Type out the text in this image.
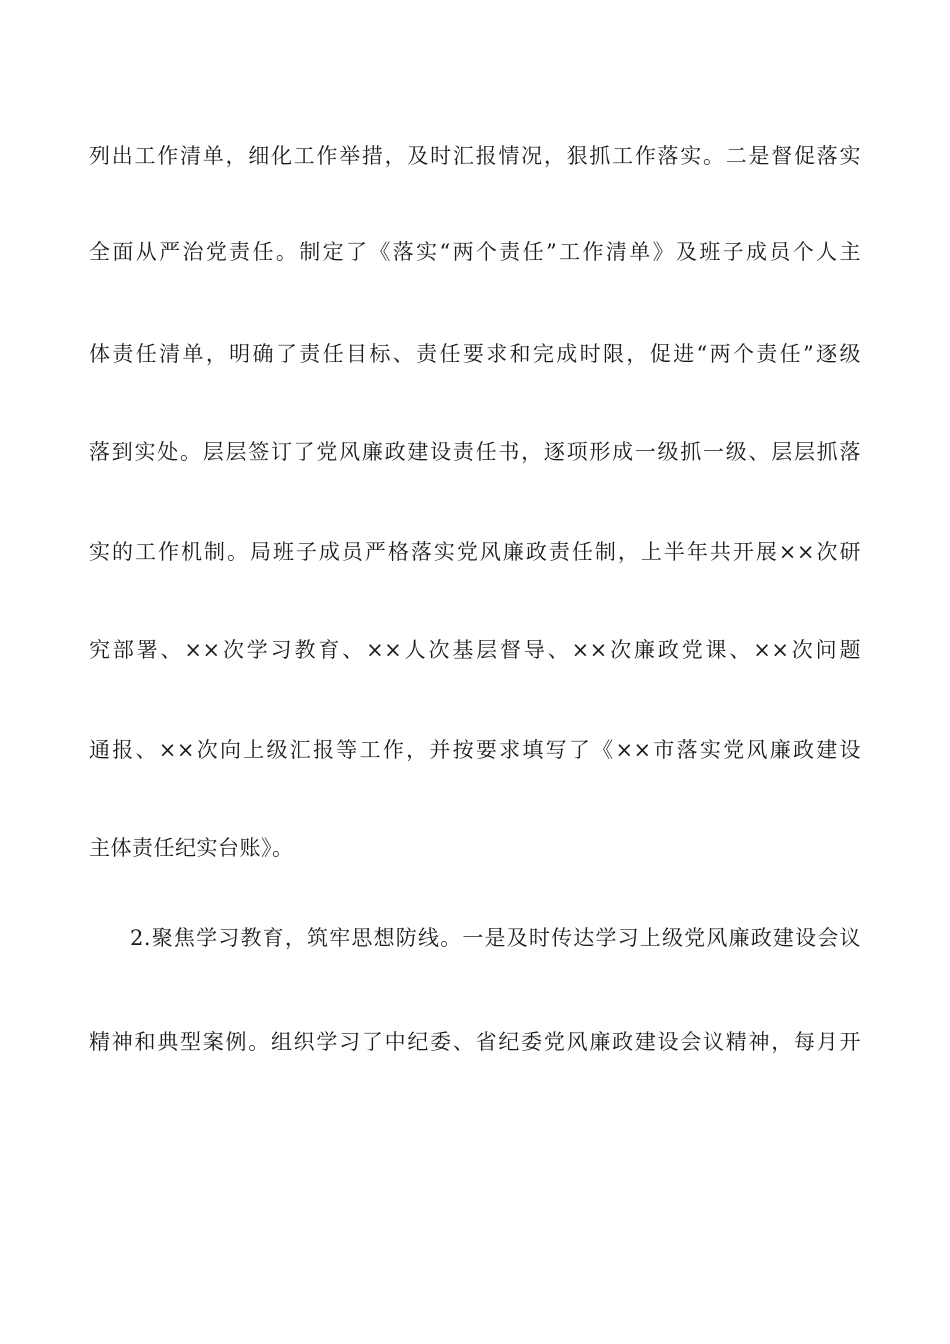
列出工作清单，细化工作举措，及时汇报情况，狠抓工作落实。二是督促落实
全面从严治党责任。制定了《落实“两个责任”工作清单》及班子成员个人主
体责任清单，明确了责任目标、责任要求和完成时限，促进“两个责任”逐级
落到实处。层层签订了党风廉政建设责任书，逐项形成一级抓一级、层层抓落
实的工作机制。局班子成员严格落实党风廉政责任制，上半年共开展××次研
究部署、××次学习教育、××人次基层督导、××次廉政党课、××次问题
通报、××次向上级汇报等工作，并按要求填写了《××市落实党风廉政建设
主体责任纪实台账》。
2.聚焦学习教育，筑牢思想防线。一是及时传达学习上级党风廉政建设会议
精神和典型案例。组织学习了中纪委、省纪委党风廉政建设会议精神，每月开
